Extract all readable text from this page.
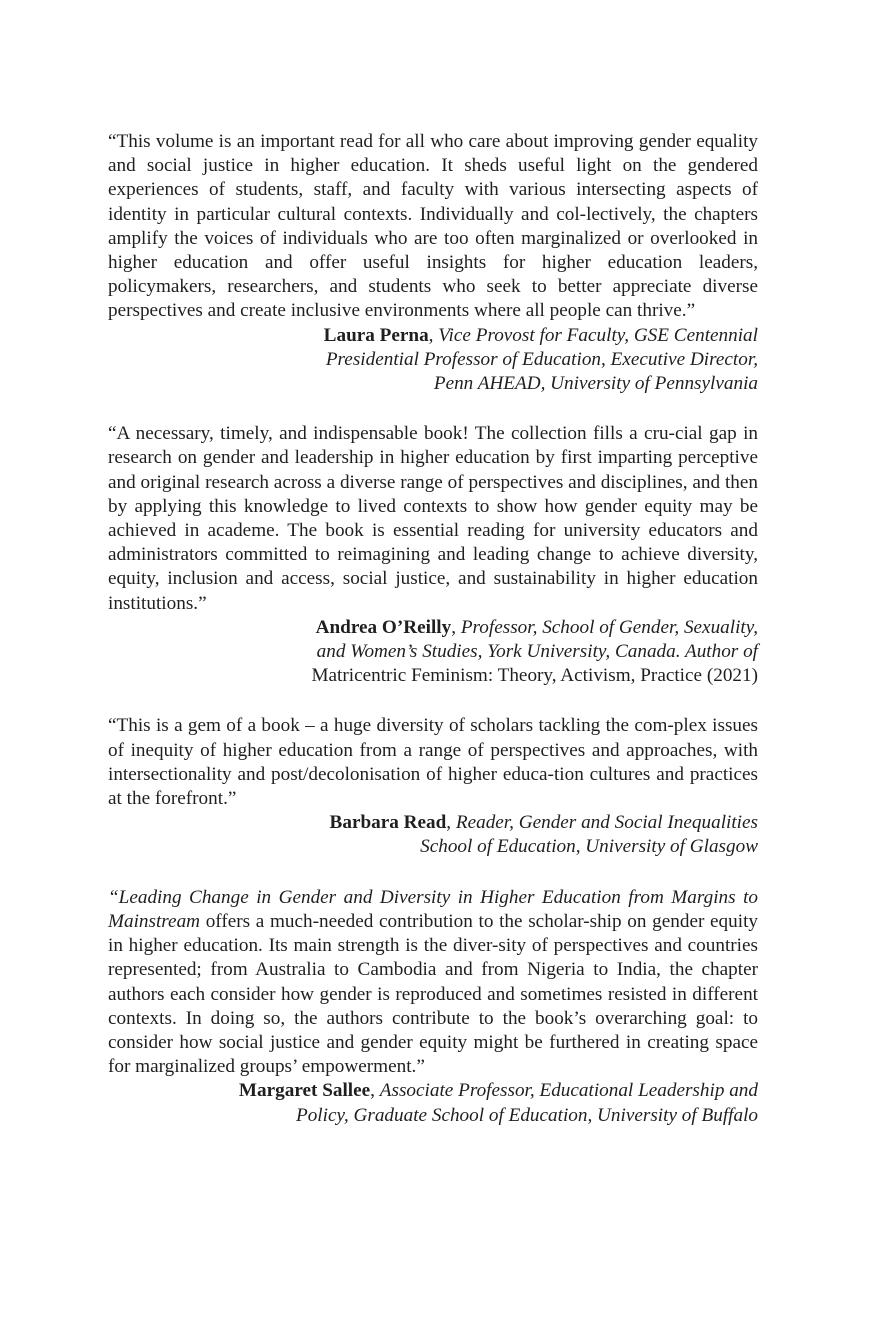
“This volume is an important read for all who care about improving gender equality and social justice in higher education. It sheds useful light on the gendered experiences of students, staff, and faculty with various intersecting aspects of identity in particular cultural contexts. Individually and col-lectively, the chapters amplify the voices of individuals who are too often marginalized or overlooked in higher education and offer useful insights for higher education leaders, policymakers, researchers, and students who seek to better appreciate diverse perspectives and create inclusive environments where all people can thrive.”

Laura Perna, Vice Provost for Faculty, GSE Centennial
Presidential Professor of Education, Executive Director,
Penn AHEAD, University of Pennsylvania

“A necessary, timely, and indispensable book! The collection fills a cru-cial gap in research on gender and leadership in higher education by first imparting perceptive and original research across a diverse range of perspectives and disciplines, and then by applying this knowledge to lived contexts to show how gender equity may be achieved in academe. The book is essential reading for university educators and administrators committed to reimagining and leading change to achieve diversity, equity, inclusion and access, social justice, and sustainability in higher education institutions.”

Andrea O’Reilly, Professor, School of Gender, Sexuality,
and Women’s Studies, York University, Canada. Author of
Matricentric Feminism: Theory, Activism, Practice (2021)

“This is a gem of a book – a huge diversity of scholars tackling the com-plex issues of inequity of higher education from a range of perspectives and approaches, with intersectionality and post/decolonisation of higher educa-tion cultures and practices at the forefront.”

Barbara Read, Reader, Gender and Social Inequalities
School of Education, University of Glasgow

“Leading Change in Gender and Diversity in Higher Education from Margins to Mainstream offers a much-needed contribution to the scholar-ship on gender equity in higher education. Its main strength is the diver-sity of perspectives and countries represented; from Australia to Cambodia and from Nigeria to India, the chapter authors each consider how gender is reproduced and sometimes resisted in different contexts. In doing so, the authors contribute to the book’s overarching goal: to consider how social justice and gender equity might be furthered in creating space for marginalized groups’ empowerment.”

Margaret Sallee, Associate Professor, Educational Leadership and
Policy, Graduate School of Education, University of Buffalo
